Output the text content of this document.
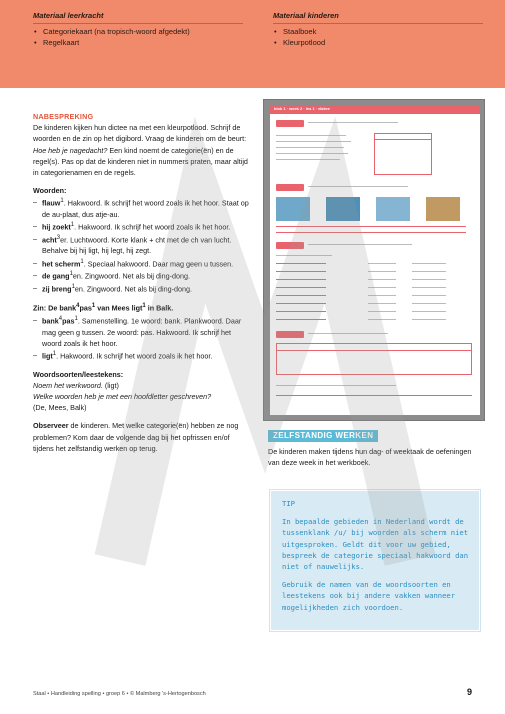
Materiaal leerkracht
• Categoriekaart (na tropisch-woord afgedekt)
• Regelkaart
Materiaal kinderen
• Staalboek
• Kleurpotlood
NABESPREKING
De kinderen kijken hun dictee na met een kleurpotlood. Schrijf de woorden en de zin op het digibord. Vraag de kinderen om de beurt: Hoe heb je nagedacht? Een kind noemt de categorie(ën) en de regel(s). Pas op dat de kinderen niet in nummers praten, maar altijd in categorienamen en de regels.
Woorden:
– flauw$^1$. Hakwoord. Ik schrijf het woord zoals ik het hoor. Staat op de au-plaat, dus atje-au.
– hij zoekt$^1$. Hakwoord. Ik schrijf het woord zoals ik het hoor.
– acht$^3$er. Luchtwoord. Korte klank + cht met de ch van lucht. Behalve bij hij ligt, hij legt, hij zegt.
– het scherm$^1$. Speciaal hakwoord. Daar mag geen u tussen.
– de gang$^1$en. Zingwoord. Net als bij ding-dong.
– zij breng$^1$en. Zingwoord. Net als bij ding-dong.
Zin: De bank$^4$pas$^1$ van Mees ligt$^1$ in Balk.
– bank$^4$pas$^1$. Samenstelling. 1e woord: bank. Plankwoord. Daar mag geen g tussen. 2e woord: pas. Hakwoord. Ik schrijf het woord zoals ik het hoor.
– ligt$^1$. Hakwoord. Ik schrijf het woord zoals ik het hoor.
Woordsoorten/leestekens:
Noem het werkwoord. (ligt)
Welke woorden heb je met een hoofdletter geschreven?
(De, Mees, Balk)
Observeer de kinderen. Met welke categorie(ën) hebben ze nog problemen? Kom daar de volgende dag bij het opfrissen en/of tijdens het zelfstandig werken op terug.
blok 1 · week 2 · les 1 · dictee
ZELFSTANDIG WERKEN
De kinderen maken tijdens hun dag- of weektaak de oefeningen van deze week in het werkboek.

TIP

In bepaalde gebieden in Nederland wordt de tussenklank /u/ bij woorden als scherm niet uitgesproken. Geldt dit voor uw gebied, bespreek de categorie speciaal hakwoord dan niet of nauwelijks.

Gebruik de namen van de woordsoorten en leestekens ook bij andere vakken wanneer mogelijkheden zich voordoen.

Staal • Handleiding spelling • groep 6 • © Malmberg 's-Hertogenbosch	9
